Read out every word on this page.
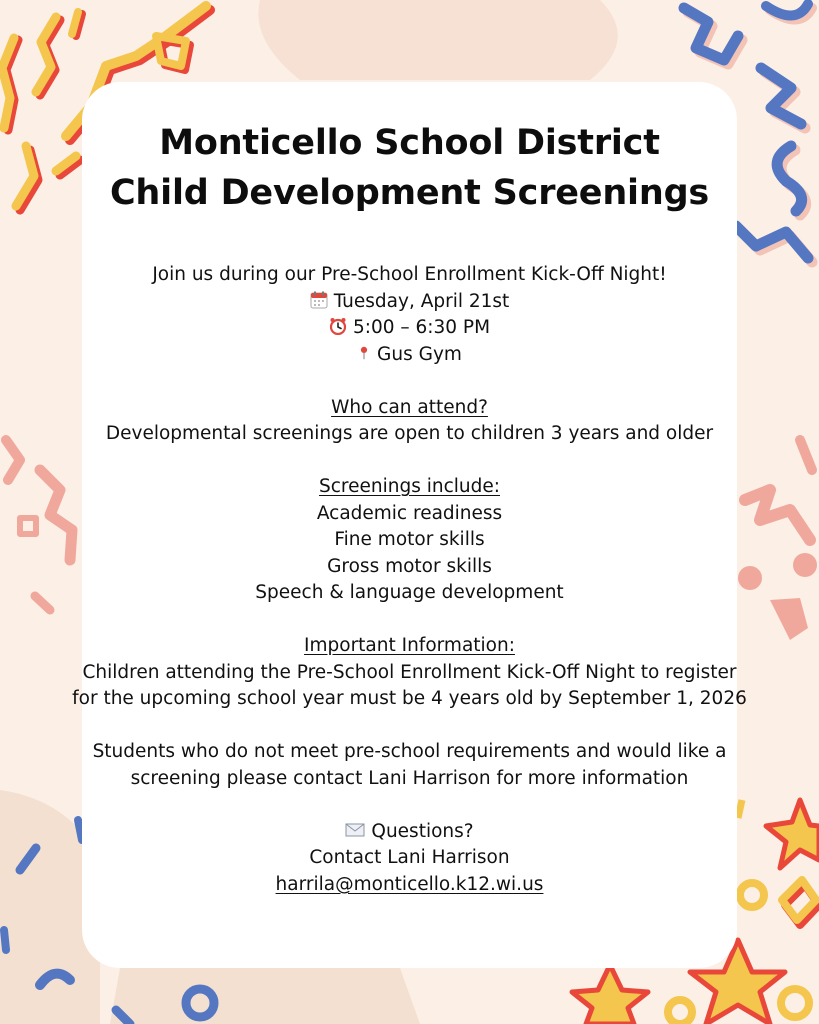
Monticello School District
Child Development Screenings
Join us during our Pre-School Enrollment Kick-Off Night!
Tuesday, April 21st
5:00 – 6:30 PM
Gus Gym
Who can attend?
Developmental screenings are open to children 3 years and older
Screenings include:
Academic readiness
Fine motor skills
Gross motor skills
Speech & language development
Important Information:
Children attending the Pre-School Enrollment Kick-Off Night to register
for the upcoming school year must be 4 years old by September 1, 2026
Students who do not meet pre-school requirements and would like a
screening please contact Lani Harrison for more information
Questions?
Contact Lani Harrison
harrila@monticello.k12.wi.us
